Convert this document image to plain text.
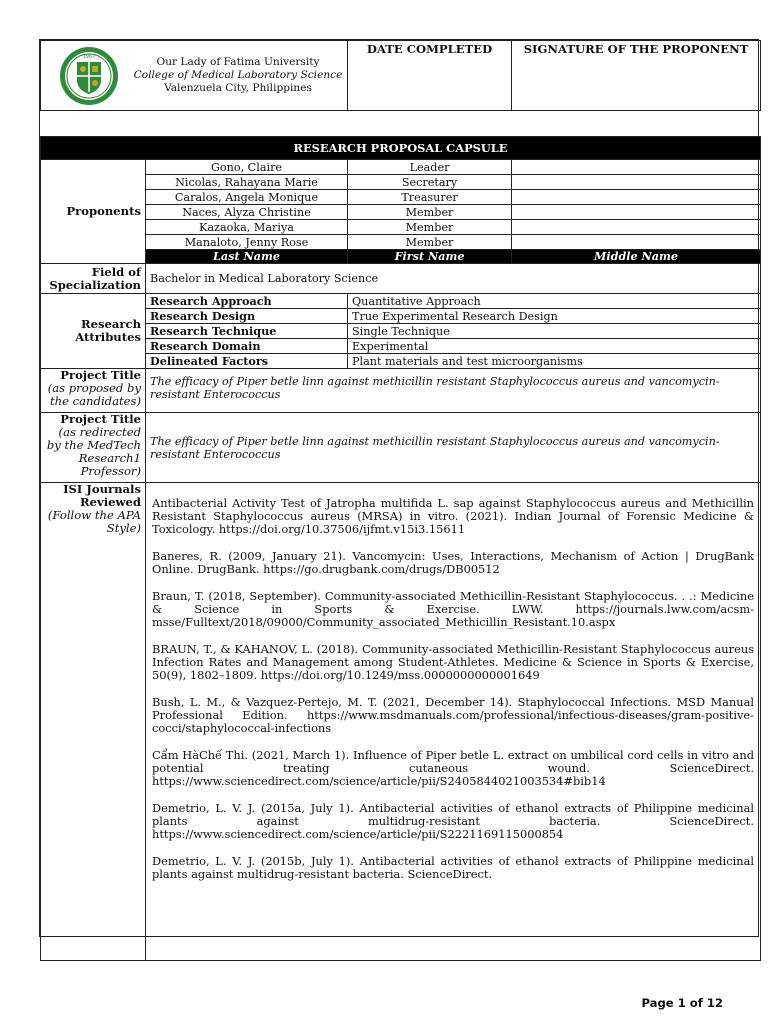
1967	Our Lady of Fatima University
College of Medical Laboratory Science
Valenzuela City, Philippines
	DATE COMPLETED	SIGNATURE OF THE PROPONENT

RESEARCH PROPOSAL CAPSULE
Proponents	Gono, Claire	Leader	
Nicolas, Rahayana Marie	Secretary	
Caralos, Angela Monique	Treasurer	
Naces, Alyza Christine	Member	
Kazaoka, Mariya	Member	
Manaloto, Jenny Rose	Member	
Last Name	First Name	Middle Name
Field of
Specialization	Bachelor in Medical Laboratory Science
Research
Attributes	Research Approach	Quantitative Approach
Research Design	True Experimental Research Design
Research Technique	Single Technique
Research Domain	Experimental
Delineated Factors	Plant materials and test microorganisms
Project Title
(as proposed by the candidates)	The efficacy of Piper betle linn against methicillin resistant Staphylococcus aureus and vancomycin-resistant Enterococcus
Project Title
(as redirected by the MedTech Research1 Professor)	The efficacy of Piper betle linn against methicillin resistant Staphylococcus aureus and vancomycin-resistant Enterococcus
ISI Journals
Reviewed
(Follow the APA Style)	

Antibacterial Activity Test of Jatropha multifida L. sap against Staphylococcus aureus and Methicillin Resistant Staphylococcus aureus (MRSA) in vitro. (2021). Indian Journal of Forensic Medicine & Toxicology. https://doi.org/10.37506/ijfmt.v15i3.15611

Baneres, R. (2009, January 21). Vancomycin: Uses, Interactions, Mechanism of Action | DrugBank Online. DrugBank. https://go.drugbank.com/drugs/DB00512

Braun, T. (2018, September). Community-associated Methicillin-Resistant Staphylococcus. . .: Medicine & Science in Sports & Exercise. LWW. https://journals.lww.com/acsm-msse/Fulltext/2018/09000/Community_associated_Methicillin_Resistant.10.aspx

BRAUN, T., & KAHANOV, L. (2018). Community-associated Methicillin-Resistant Staphylococcus aureus Infection Rates and Management among Student-Athletes. Medicine & Science in Sports & Exercise, 50(9), 1802–1809. https://doi.org/10.1249/mss.0000000000001649

Bush, L. M., & Vazquez-Pertejo, M. T. (2021, December 14). Staphylococcal Infections. MSD Manual Professional Edition. https://www.msdmanuals.com/professional/infectious-diseases/gram-positive-cocci/staphylococcal-infections

Cẩm HàChế Thi. (2021, March 1). Influence of Piper betle L. extract on umbilical cord cells in vitro and potential treating cutaneous wound. ScienceDirect. https://www.sciencedirect.com/science/article/pii/S2405844021003534#bib14

Demetrio, L. V. J. (2015a, July 1). Antibacterial activities of ethanol extracts of Philippine medicinal plants against multidrug-resistant bacteria. ScienceDirect. https://www.sciencedirect.com/science/article/pii/S2221169115000854

Demetrio, L. V. J. (2015b, July 1). Antibacterial activities of ethanol extracts of Philippine medicinal plants against multidrug-resistant bacteria. ScienceDirect.

Page 1 of 12
